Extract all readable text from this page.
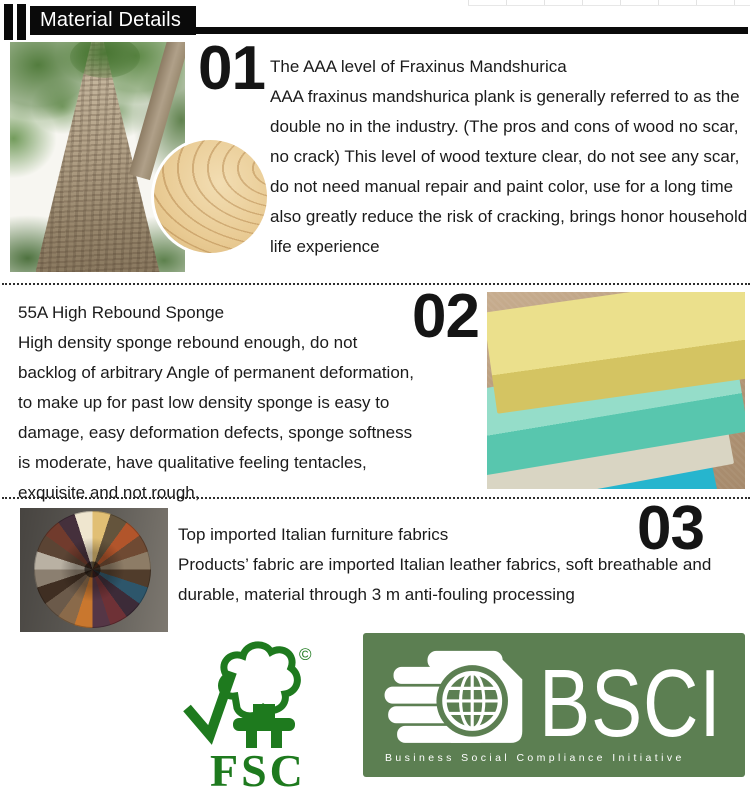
Material Details
01 The AAA level of Fraxinus Mandshurica
AAA fraxinus mandshurica plank is generally referred to as the double no in the industry. (The pros and cons of wood no scar, no crack) This level of wood texture clear, do not see any scar, do not need manual repair and paint color, use for a long time also greatly reduce the risk of cracking, brings honor household life experience
55A High Rebound Sponge
High density sponge rebound enough, do not backlog of arbitrary Angle of permanent deformation, to make up for past low density sponge is easy to damage, easy deformation defects, sponge softness is moderate, have qualitative feeling tentacles, exquisite and not rough,
02
03
Top imported Italian furniture fabrics
Products’ fabric are imported Italian leather fabrics, soft breathable and durable, material through 3 m anti-fouling processing
©
FSC
BSCI
Business Social Compliance Initiative
